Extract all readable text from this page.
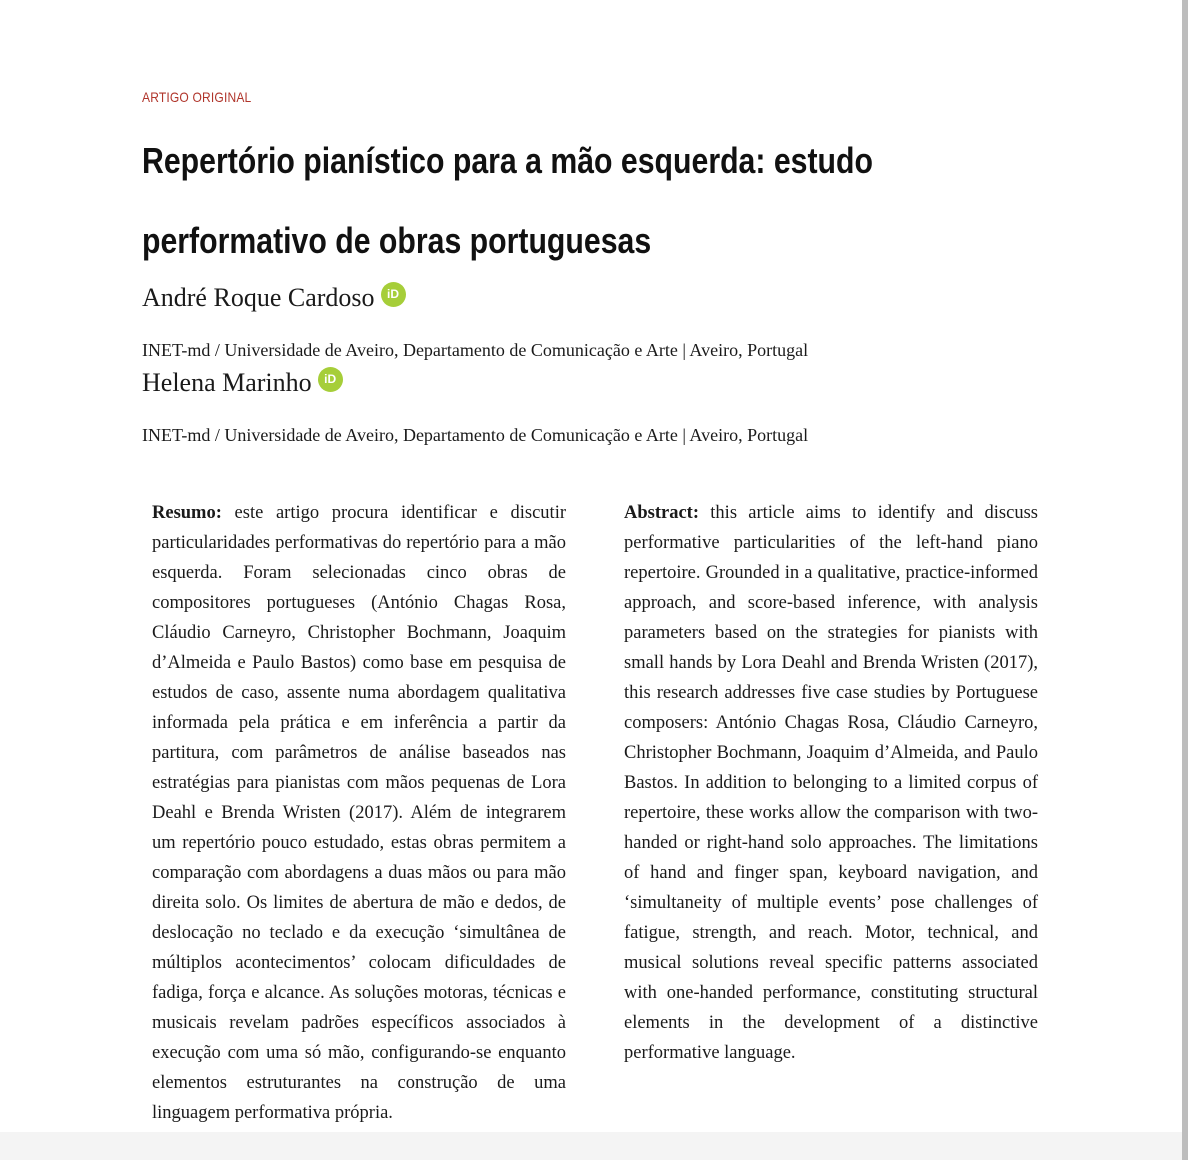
ARTIGO ORIGINAL
Repertório pianístico para a mão esquerda: estudo
performativo de obras portuguesas
André Roque Cardoso	iD
INET-md / Universidade de Aveiro, Departamento de Comunicação e Arte | Aveiro, Portugal
Helena Marinho	iD
INET-md / Universidade de Aveiro, Departamento de Comunicação e Arte | Aveiro, Portugal
Resumo: este artigo procura identificar e discutir particularidades performativas do repertório para a mão esquerda. Foram selecionadas cinco obras de compositores portugueses (António Chagas Rosa, Cláudio Carneyro, Christopher Bochmann, Joaquim d’Almeida e Paulo Bastos) como base em pesquisa de estudos de caso, assente numa abordagem qualitativa informada pela prática e em inferência a partir da partitura, com parâmetros de análise baseados nas estratégias para pianistas com mãos pequenas de Lora Deahl e Brenda Wristen (2017). Além de integrarem um repertório pouco estudado, estas obras permitem a comparação com abordagens a duas mãos ou para mão direita solo. Os limites de abertura de mão e dedos, de deslocação no teclado e da execução ‘simultânea de múltiplos acontecimentos’ colocam dificuldades de fadiga, força e alcance. As soluções motoras, técnicas e musicais revelam padrões específicos associados à execução com uma só mão, configurando-se enquanto elementos estruturantes na construção de uma linguagem performativa própria.
Abstract: this article aims to identify and discuss performative particularities of the left-hand piano repertoire. Grounded in a qualitative, practice-informed approach, and score-based inference, with analysis parameters based on the strategies for pianists with small hands by Lora Deahl and Brenda Wristen (2017), this research addresses five case studies by Portuguese composers: António Chagas Rosa, Cláudio Carneyro, Christopher Bochmann, Joaquim d’Almeida, and Paulo Bastos. In addition to belonging to a limited corpus of repertoire, these works allow the comparison with two-handed or right-hand solo approaches. The limitations of hand and finger span, keyboard navigation, and ‘simultaneity of multiple events’ pose challenges of fatigue, strength, and reach. Motor, technical, and musical solutions reveal specific patterns associated with one-handed performance, constituting structural elements in the development of a distinctive performative language.
